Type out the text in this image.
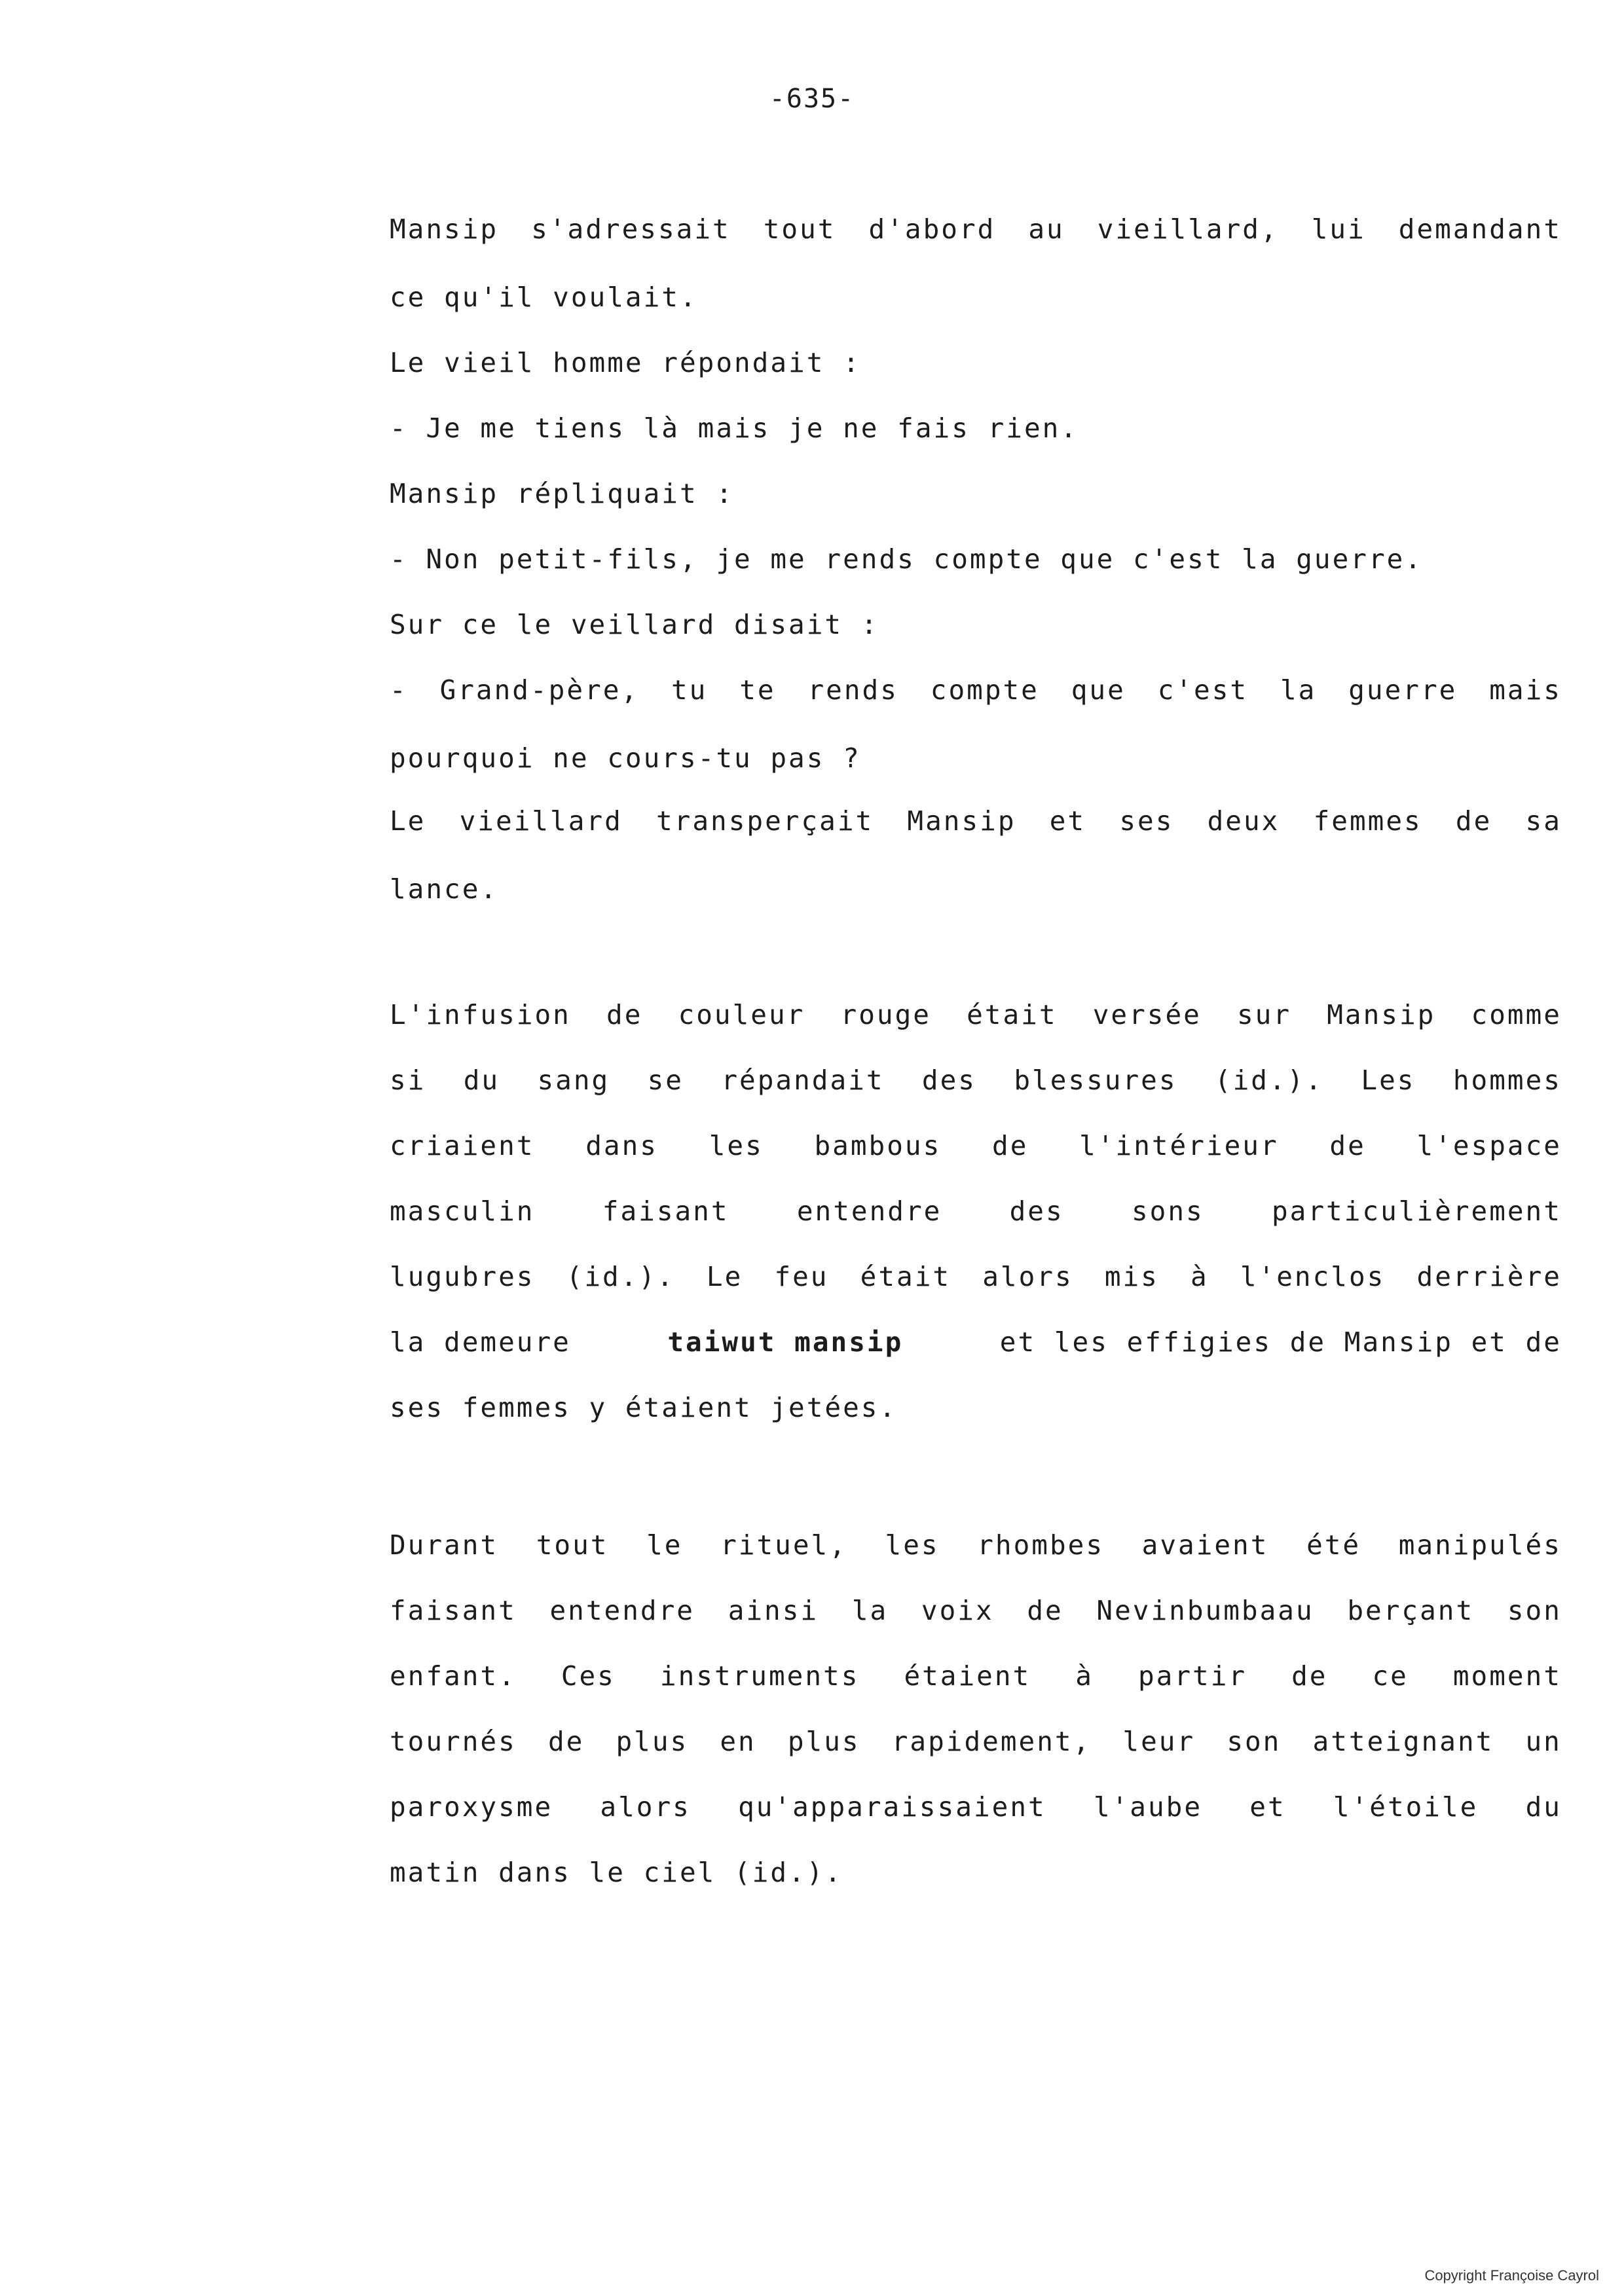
-635-
Mansip s'adressait tout d'abord au vieillard, lui demandant
ce qu'il voulait.
Le vieil homme répondait :
- Je me tiens là mais je ne fais rien.
Mansip répliquait :
- Non petit-fils, je me rends compte que c'est la guerre.
Sur ce le veillard disait :
- Grand-père, tu te rends compte que c'est la guerre mais
pourquoi ne cours-tu pas ?
Le vieillard transperçait Mansip et ses deux femmes de sa
lance.
L'infusion de couleur rouge était versée sur Mansip comme
si du sang se répandait des blessures (id.). Les hommes
criaient dans les bambous de l'intérieur de l'espace
masculin	faisant	entendre	des	sons	particulièrement
lugubres (id.). Le feu était alors mis à l'enclos derrière
la demeure	taiwut mansip	et les effigies de Mansip et de
ses femmes y étaient jetées.
Durant tout le rituel, les rhombes avaient été manipulés
faisant entendre ainsi la voix de Nevinbumbaau berçant son
enfant. Ces instruments étaient à partir de ce moment
tournés de plus en plus rapidement, leur son atteignant un
paroxysme alors qu'apparaissaient l'aube et l'étoile du
matin dans le ciel (id.).
Copyright Françoise Cayrol
